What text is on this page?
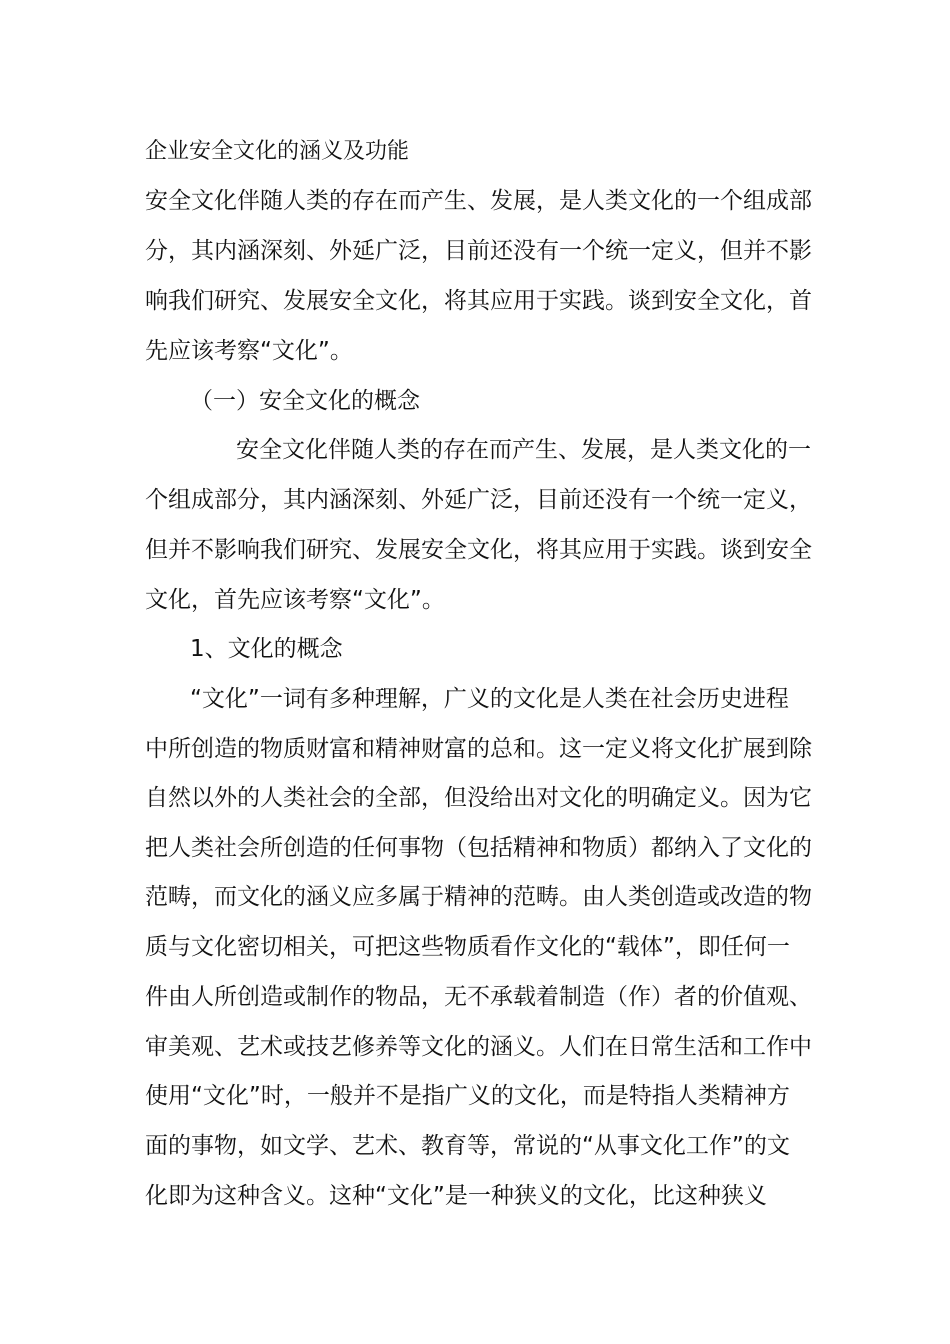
企业安全文化的涵义及功能
安全文化伴随人类的存在而产生、发展，是人类文化的一个组成部
分，其内涵深刻、外延广泛，目前还没有一个统一定义，但并不影
响我们研究、发展安全文化，将其应用于实践。谈到安全文化，首
先应该考察“文化”。
（一）安全文化的概念
安全文化伴随人类的存在而产生、发展，是人类文化的一
个组成部分，其内涵深刻、外延广泛，目前还没有一个统一定义，
但并不影响我们研究、发展安全文化，将其应用于实践。谈到安全
文化，首先应该考察“文化”。
1、文化的概念
“文化”一词有多种理解，广义的文化是人类在社会历史进程
中所创造的物质财富和精神财富的总和。这一定义将文化扩展到除
自然以外的人类社会的全部，但没给出对文化的明确定义。因为它
把人类社会所创造的任何事物（包括精神和物质）都纳入了文化的
范畴，而文化的涵义应多属于精神的范畴。由人类创造或改造的物
质与文化密切相关，可把这些物质看作文化的“载体”，即任何一
件由人所创造或制作的物品，无不承载着制造（作）者的价值观、
审美观、艺术或技艺修养等文化的涵义。人们在日常生活和工作中
使用“文化”时，一般并不是指广义的文化，而是特指人类精神方
面的事物，如文学、艺术、教育等，常说的“从事文化工作”的文
化即为这种含义。这种“文化”是一种狭义的文化，比这种狭义
